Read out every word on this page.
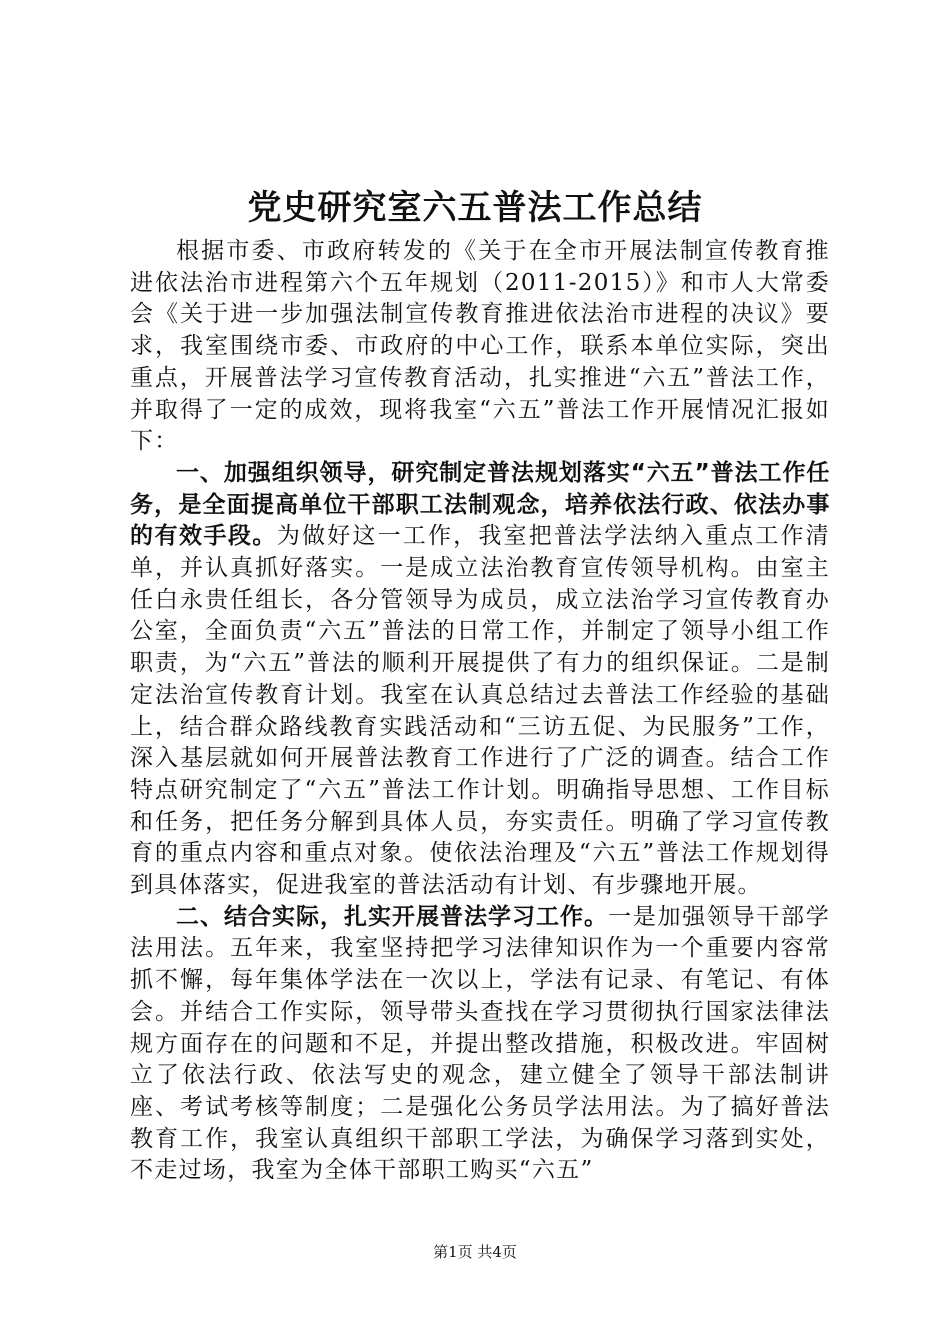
党史研究室六五普法工作总结

根据市委、市政府转发的《关于在全市开展法制宣传教育推进依法治市进程第六个五年规划（2011-2015）》和市人大常委会《关于进一步加强法制宣传教育推进依法治市进程的决议》要求，我室围绕市委、市政府的中心工作，联系本单位实际，突出重点，开展普法学习宣传教育活动，扎实推进“六五”普法工作，并取得了一定的成效，现将我室“六五”普法工作开展情况汇报如下：

一、加强组织领导，研究制定普法规划落实“六五”普法工作任务，是全面提高单位干部职工法制观念，培养依法行政、依法办事的有效手段。为做好这一工作，我室把普法学法纳入重点工作清单，并认真抓好落实。一是成立法治教育宣传领导机构。由室主任白永贵任组长，各分管领导为成员，成立法治学习宣传教育办公室，全面负责“六五”普法的日常工作，并制定了领导小组工作职责，为“六五”普法的顺利开展提供了有力的组织保证。二是制定法治宣传教育计划。我室在认真总结过去普法工作经验的基础上，结合群众路线教育实践活动和“三访五促、为民服务”工作，深入基层就如何开展普法教育工作进行了广泛的调查。结合工作特点研究制定了“六五”普法工作计划。明确指导思想、工作目标和任务，把任务分解到具体人员，夯实责任。明确了学习宣传教育的重点内容和重点对象。使依法治理及“六五”普法工作规划得到具体落实，促进我室的普法活动有计划、有步骤地开展。

二、结合实际，扎实开展普法学习工作。一是加强领导干部学法用法。五年来，我室坚持把学习法律知识作为一个重要内容常抓不懈，每年集体学法在一次以上，学法有记录、有笔记、有体会。并结合工作实际，领导带头查找在学习贯彻执行国家法律法规方面存在的问题和不足，并提出整改措施，积极改进。牢固树立了依法行政、依法写史的观念，建立健全了领导干部法制讲座、考试考核等制度；二是强化公务员学法用法。为了搞好普法教育工作，我室认真组织干部职工学法，为确保学习落到实处，不走过场，我室为全体干部职工购买“六五”

第1页 共4页
